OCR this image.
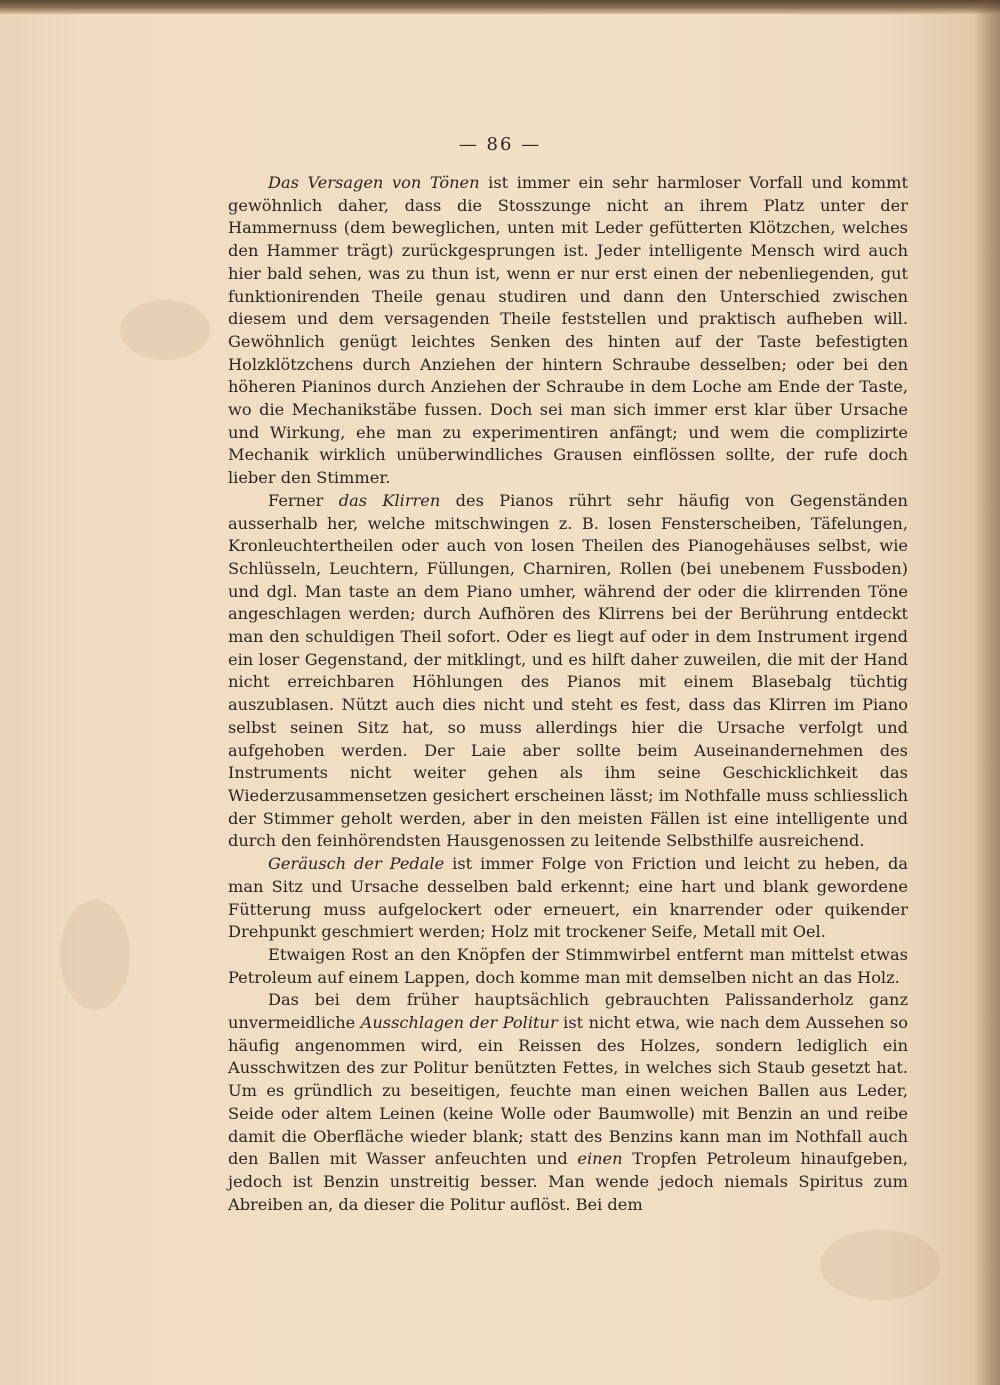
— 86 —

Das Versagen von Tönen ist immer ein sehr harmloser Vorfall und kommt gewöhnlich daher, dass die Stosszunge nicht an ihrem Platz unter der Hammernuss (dem beweglichen, unten mit Leder gefütterten Klötzchen, welches den Hammer trägt) zurückgesprungen ist. Jeder intelligente Mensch wird auch hier bald sehen, was zu thun ist, wenn er nur erst einen der nebenliegenden, gut funktionirenden Theile genau studiren und dann den Unterschied zwischen diesem und dem versagenden Theile feststellen und praktisch aufheben will. Gewöhnlich genügt leichtes Senken des hinten auf der Taste befestigten Holzklötzchens durch Anziehen der hintern Schraube desselben; oder bei den höheren Pianinos durch Anziehen der Schraube in dem Loche am Ende der Taste, wo die Mechanikstäbe fussen. Doch sei man sich immer erst klar über Ursache und Wirkung, ehe man zu experimentiren anfängt; und wem die complizirte Mechanik wirklich unüberwindliches Grausen einflössen sollte, der rufe doch lieber den Stimmer.

Ferner das Klirren des Pianos rührt sehr häufig von Gegenständen ausserhalb her, welche mitschwingen z. B. losen Fensterscheiben, Täfelungen, Kronleuchtertheilen oder auch von losen Theilen des Pianogehäuses selbst, wie Schlüsseln, Leuchtern, Füllungen, Charniren, Rollen (bei unebenem Fussboden) und dgl. Man taste an dem Piano umher, während der oder die klirrenden Töne angeschlagen werden; durch Aufhören des Klirrens bei der Berührung entdeckt man den schuldigen Theil sofort. Oder es liegt auf oder in dem Instrument irgend ein loser Gegenstand, der mitklingt, und es hilft daher zuweilen, die mit der Hand nicht erreichbaren Höhlungen des Pianos mit einem Blasebalg tüchtig auszublasen. Nützt auch dies nicht und steht es fest, dass das Klirren im Piano selbst seinen Sitz hat, so muss allerdings hier die Ursache verfolgt und aufgehoben werden. Der Laie aber sollte beim Auseinandernehmen des Instruments nicht weiter gehen als ihm seine Geschicklichkeit das Wiederzusammensetzen gesichert erscheinen lässt; im Nothfalle muss schliesslich der Stimmer geholt werden, aber in den meisten Fällen ist eine intelligente und durch den feinhörendsten Hausgenossen zu leitende Selbsthilfe ausreichend.

Geräusch der Pedale ist immer Folge von Friction und leicht zu heben, da man Sitz und Ursache desselben bald erkennt; eine hart und blank gewordene Fütterung muss aufgelockert oder erneuert, ein knarrender oder quikender Drehpunkt geschmiert werden; Holz mit trockener Seife, Metall mit Oel.

Etwaigen Rost an den Knöpfen der Stimmwirbel entfernt man mittelst etwas Petroleum auf einem Lappen, doch komme man mit demselben nicht an das Holz.

Das bei dem früher hauptsächlich gebrauchten Palissanderholz ganz unvermeidliche Ausschlagen der Politur ist nicht etwa, wie nach dem Aussehen so häufig angenommen wird, ein Reissen des Holzes, sondern lediglich ein Ausschwitzen des zur Politur benützten Fettes, in welches sich Staub gesetzt hat. Um es gründlich zu beseitigen, feuchte man einen weichen Ballen aus Leder, Seide oder altem Leinen (keine Wolle oder Baumwolle) mit Benzin an und reibe damit die Oberfläche wieder blank; statt des Benzins kann man im Nothfall auch den Ballen mit Wasser anfeuchten und einen Tropfen Petroleum hinaufgeben, jedoch ist Benzin unstreitig besser. Man wende jedoch niemals Spiritus zum Abreiben an, da dieser die Politur auflöst. Bei dem
